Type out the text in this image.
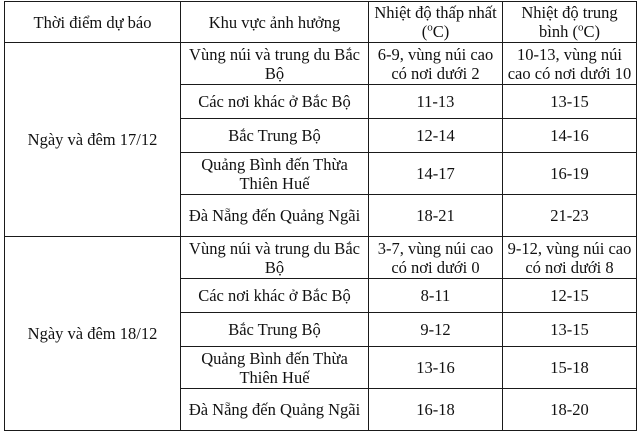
Thời điểm dự báo	Khu vực ảnh hưởng	Nhiệt độ thấp nhất ($^o$C)	Nhiệt độ trung bình ($^o$C)
Ngày và đêm 17/12	Vùng núi và trung du Bắc Bộ	6-9, vùng núi cao có nơi dưới 2	10-13, vùng núi cao có nơi dưới 10
	Các nơi khác ở Bắc Bộ	11-13	13-15
	Bắc Trung Bộ	12-14	14-16
	Quảng Bình đến Thừa Thiên Huế	14-17	16-19
	Đà Nẵng đến Quảng Ngãi	18-21	21-23
Ngày và đêm 18/12	Vùng núi và trung du Bắc Bộ	3-7, vùng núi cao có nơi dưới 0	9-12, vùng núi cao có nơi dưới 8
	Các nơi khác ở Bắc Bộ	8-11	12-15
	Bắc Trung Bộ	9-12	13-15
	Quảng Bình đến Thừa Thiên Huế	13-16	15-18
	Đà Nẵng đến Quảng Ngãi	16-18	18-20
